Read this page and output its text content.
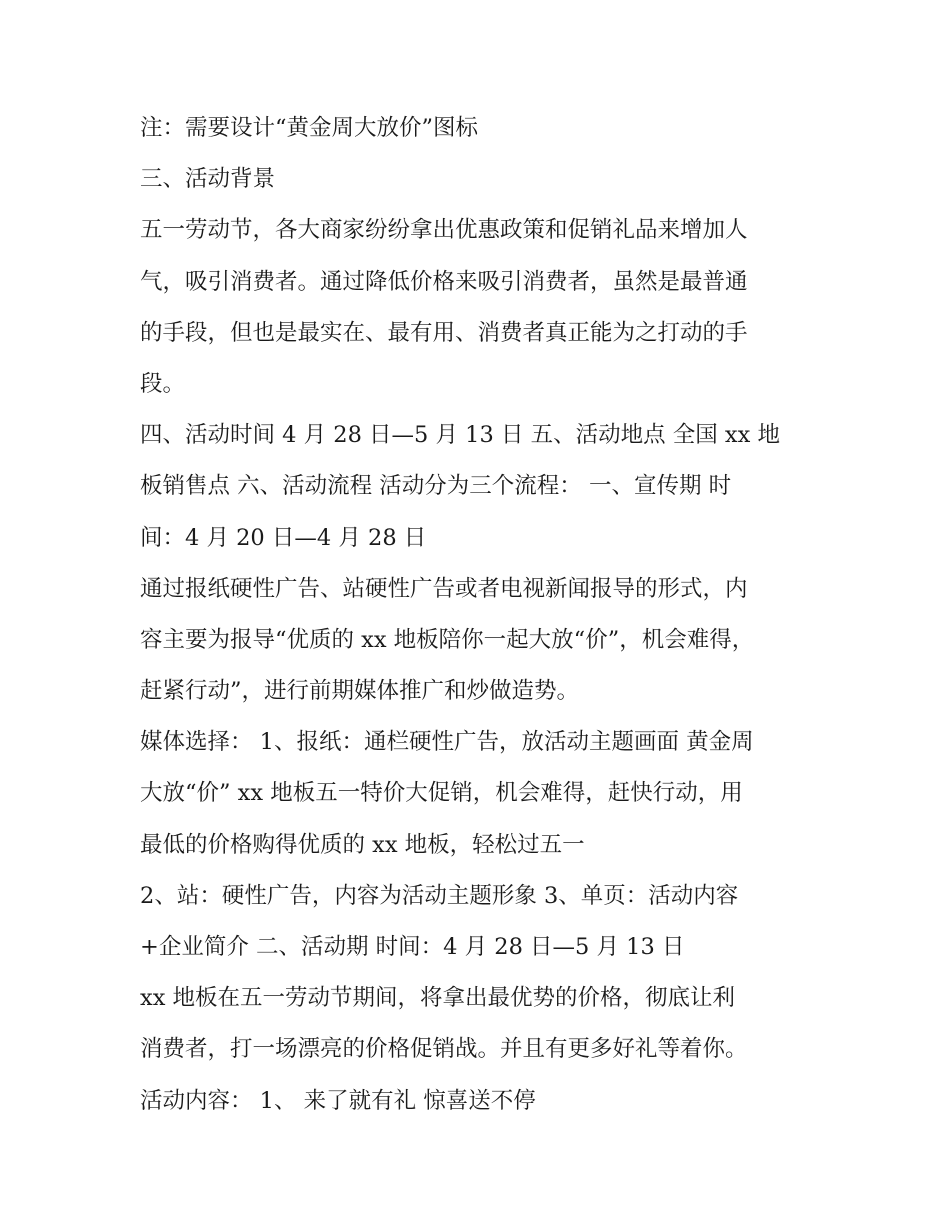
注：需要设计“黄金周大放价”图标
三、活动背景
五一劳动节，各大商家纷纷拿出优惠政策和促销礼品来增加人
气，吸引消费者。通过降低价格来吸引消费者，虽然是最普通
的手段，但也是最实在、最有用、消费者真正能为之打动的手
段。
四、活动时间 4 月 28 日—5 月 13 日 五、活动地点 全国 xx 地
板销售点 六、活动流程 活动分为三个流程： 一、宣传期 时
间：4 月 20 日—4 月 28 日
通过报纸硬性广告、站硬性广告或者电视新闻报导的形式，内
容主要为报导“优质的 xx 地板陪你一起大放“价”，机会难得，
赶紧行动”，进行前期媒体推广和炒做造势。
媒体选择： 1、报纸：通栏硬性广告，放活动主题画面 黄金周
大放“价” xx 地板五一特价大促销，机会难得，赶快行动，用
最低的价格购得优质的 xx 地板，轻松过五一
2、站：硬性广告，内容为活动主题形象 3、单页：活动内容
+企业简介 二、活动期 时间：4 月 28 日—5 月 13 日
xx 地板在五一劳动节期间，将拿出最优势的价格，彻底让利
消费者，打一场漂亮的价格促销战。并且有更多好礼等着你。
活动内容： 1、 来了就有礼 惊喜送不停
